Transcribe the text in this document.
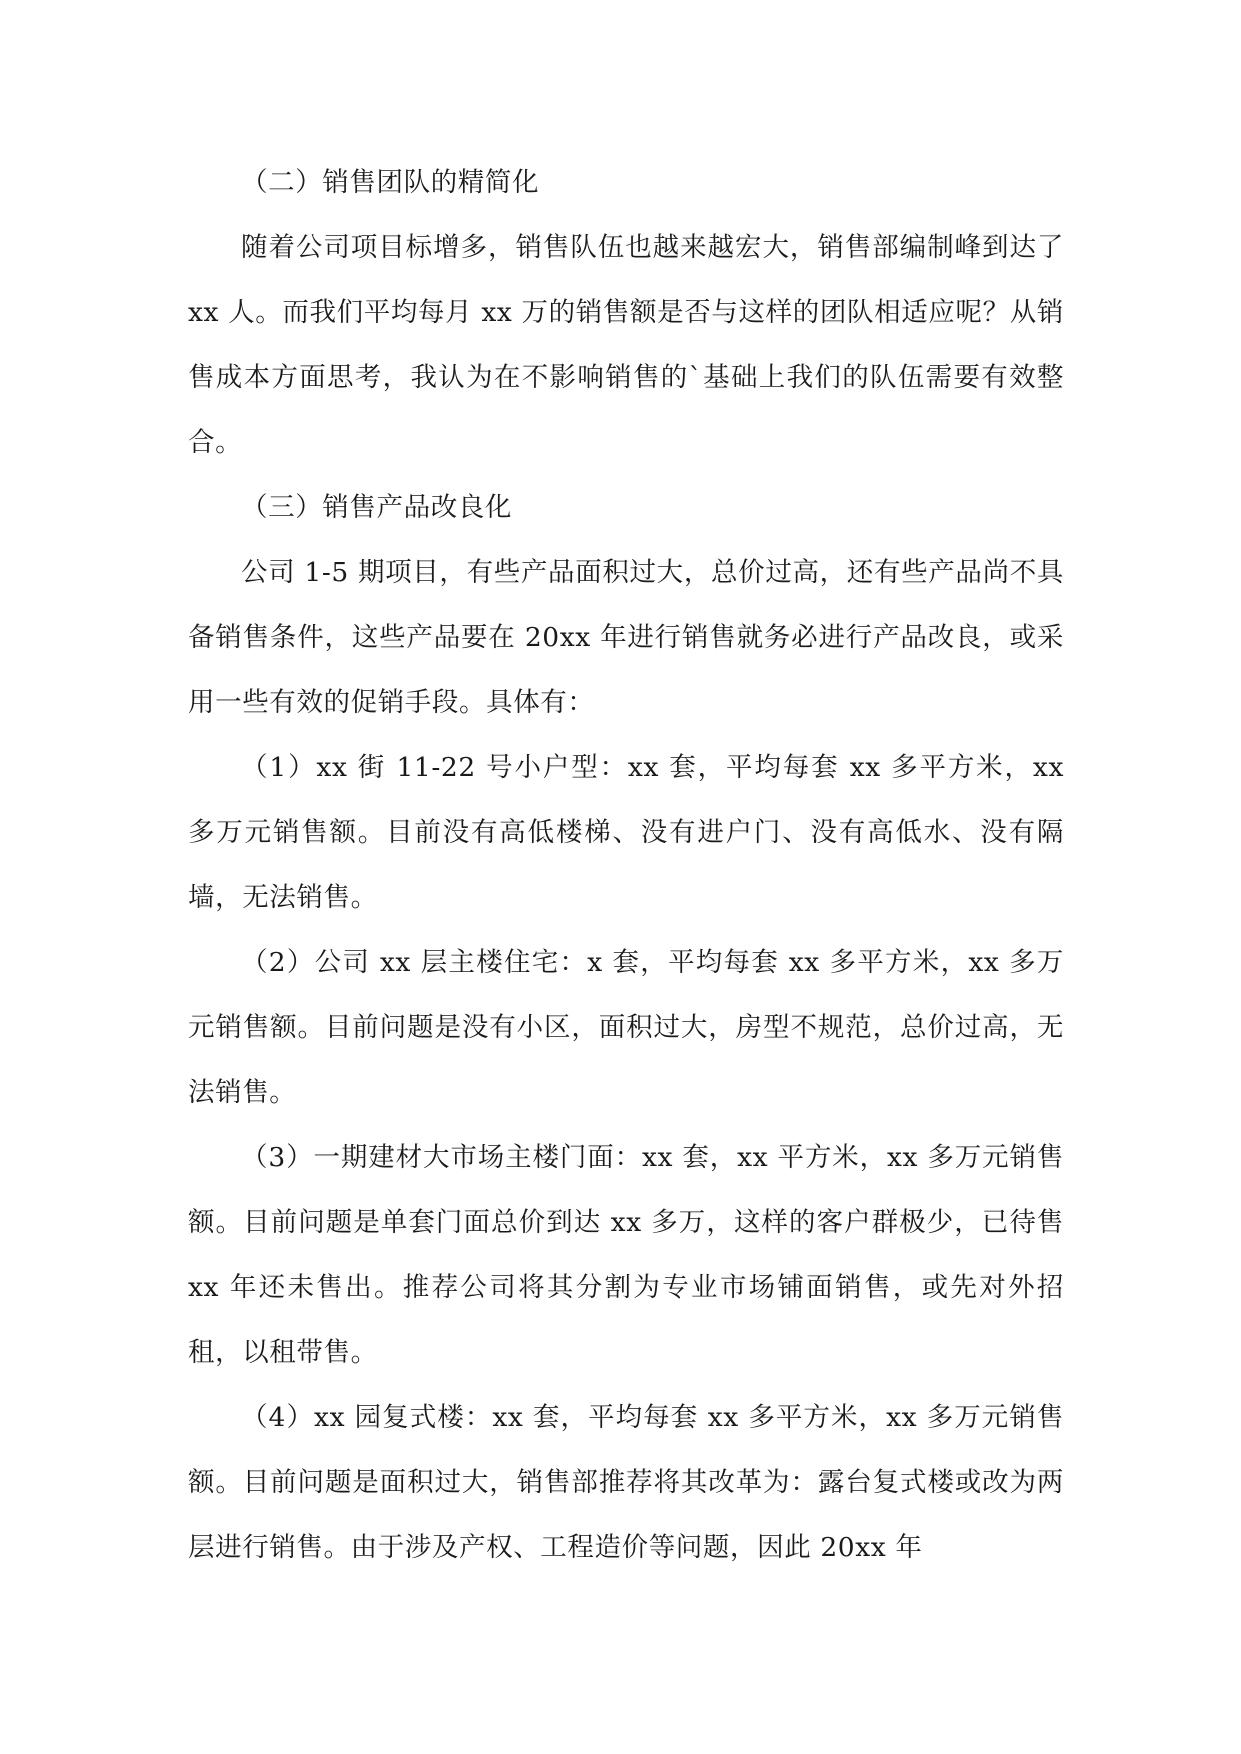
（二）销售团队的精简化

随着公司项目标增多，销售队伍也越来越宏大，销售部编制峰到达了 xx 人。而我们平均每月 xx 万的销售额是否与这样的团队相适应呢？从销售成本方面思考，我认为在不影响销售的`基础上我们的队伍需要有效整合。

（三）销售产品改良化

公司 1-5 期项目，有些产品面积过大，总价过高，还有些产品尚不具备销售条件，这些产品要在 20xx 年进行销售就务必进行产品改良，或采用一些有效的促销手段。具体有：

（1）xx 街 11-22 号小户型：xx 套，平均每套 xx 多平方米，xx 多万元销售额。目前没有高低楼梯、没有进户门、没有高低水、没有隔墙，无法销售。

（2）公司 xx 层主楼住宅：x 套，平均每套 xx 多平方米，xx 多万元销售额。目前问题是没有小区，面积过大，房型不规范，总价过高，无法销售。

（3）一期建材大市场主楼门面：xx 套，xx 平方米，xx 多万元销售额。目前问题是单套门面总价到达 xx 多万，这样的客户群极少，已待售 xx 年还未售出。推荐公司将其分割为专业市场铺面销售，或先对外招租，以租带售。

（4）xx 园复式楼：xx 套，平均每套 xx 多平方米，xx 多万元销售额。目前问题是面积过大，销售部推荐将其改革为：露台复式楼或改为两层进行销售。由于涉及产权、工程造价等问题，因此 20xx 年
